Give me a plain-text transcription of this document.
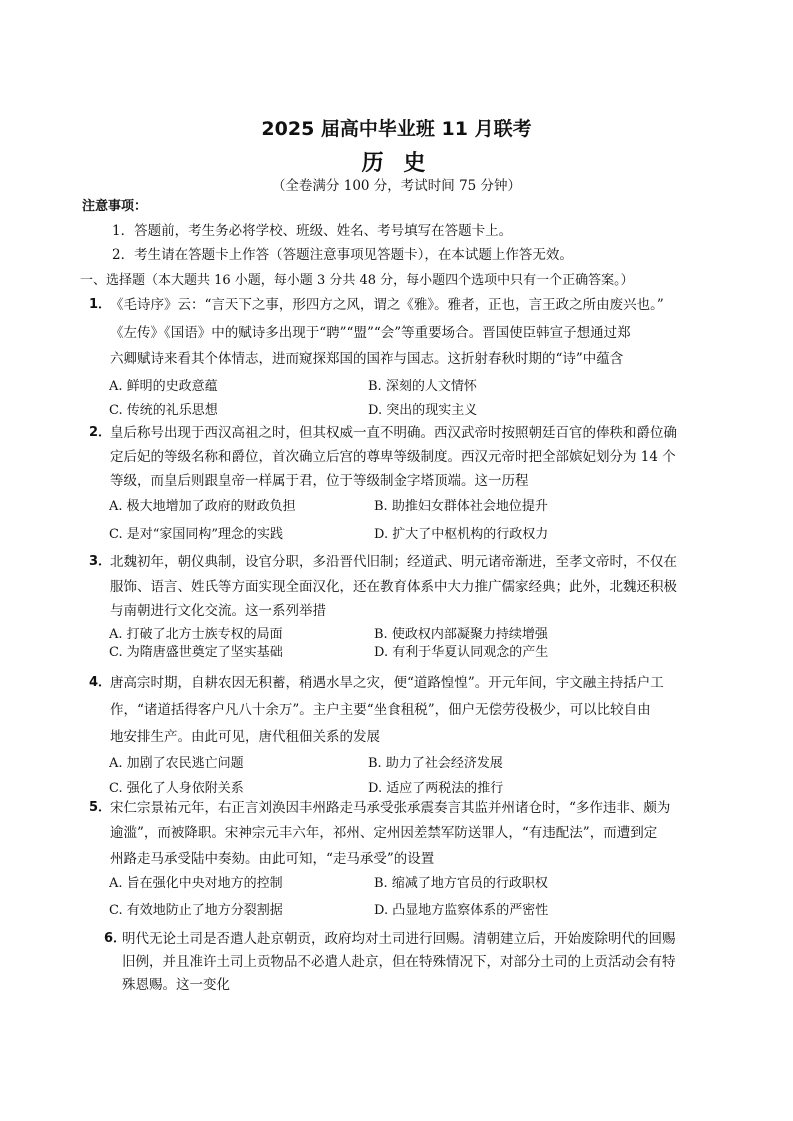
2025 届高中毕业班 11 月联考
历 史
（全卷满分 100 分，考试时间 75 分钟）
注意事项：
1．答题前，考生务必将学校、班级、姓名、考号填写在答题卡上。
2．考生请在答题卡上作答（答题注意事项见答题卡），在本试题上作答无效。
一、选择题（本大题共 16 小题，每小题 3 分共 48 分，每小题四个选项中只有一个正确答案。）
1．
《毛诗序》云：“言天下之事，形四方之风，谓之《雅》。雅者，正也，言王政之所由废兴也。”
《左传》《国语》中的赋诗多出现于“聘”“盟”“会”等重要场合。晋国使臣韩宣子想通过郑
六卿赋诗来看其个体情志，进而窥探郑国的国祚与国志。这折射春秋时期的“诗”中蕴含
A. 鲜明的史政意蕴	B. 深刻的人文情怀
C. 传统的礼乐思想	D. 突出的现实主义
2．
皇后称号出现于西汉高祖之时，但其权威一直不明确。西汉武帝时按照朝廷百官的俸秩和爵位确
定后妃的等级名称和爵位，首次确立后宫的尊卑等级制度。西汉元帝时把全部嫔妃划分为 14 个
等级，而皇后则跟皇帝一样属于君，位于等级制金字塔顶端。这一历程
A. 极大地增加了政府的财政负担	B. 助推妇女群体社会地位提升
C. 是对“家国同构”理念的实践	D. 扩大了中枢机构的行政权力
3．
北魏初年，朝仪典制，设官分职，多沿晋代旧制；经道武、明元诸帝渐进，至孝文帝时，不仅在
服饰、语言、姓氏等方面实现全面汉化，还在教育体系中大力推广儒家经典；此外，北魏还积极
与南朝进行文化交流。这一系列举措
A. 打破了北方士族专权的局面	B. 使政权内部凝聚力持续增强
C. 为隋唐盛世奠定了坚实基础	D. 有利于华夏认同观念的产生
4．
唐高宗时期，自耕农因无积蓄，稍遇水旱之灾，便“道路惶惶”。开元年间，宇文融主持括户工
作，“诸道括得客户凡八十余万”。主户主要“坐食租税”，佃户无偿劳役极少，可以比较自由
地安排生产。由此可见，唐代租佃关系的发展
A. 加剧了农民逃亡问题	B. 助力了社会经济发展
C. 强化了人身依附关系	D. 适应了两税法的推行
5．
宋仁宗景祐元年，右正言刘涣因丰州路走马承受张承震奏言其监并州诸仓时，“多作违非、颇为
逾滥”，而被降职。宋神宗元丰六年，祁州、定州因差禁军防送罪人，“有违配法”，而遭到定
州路走马承受陆中奏劾。由此可知，“走马承受”的设置
A. 旨在强化中央对地方的控制	B. 缩减了地方官员的行政职权
C. 有效地防止了地方分裂割据	D. 凸显地方监察体系的严密性
6．
明代无论土司是否遣人赴京朝贡，政府均对土司进行回赐。清朝建立后，开始废除明代的回赐
旧例，并且准许土司上贡物品不必遣人赴京，但在特殊情况下，对部分土司的上贡活动会有特
殊恩赐。这一变化
